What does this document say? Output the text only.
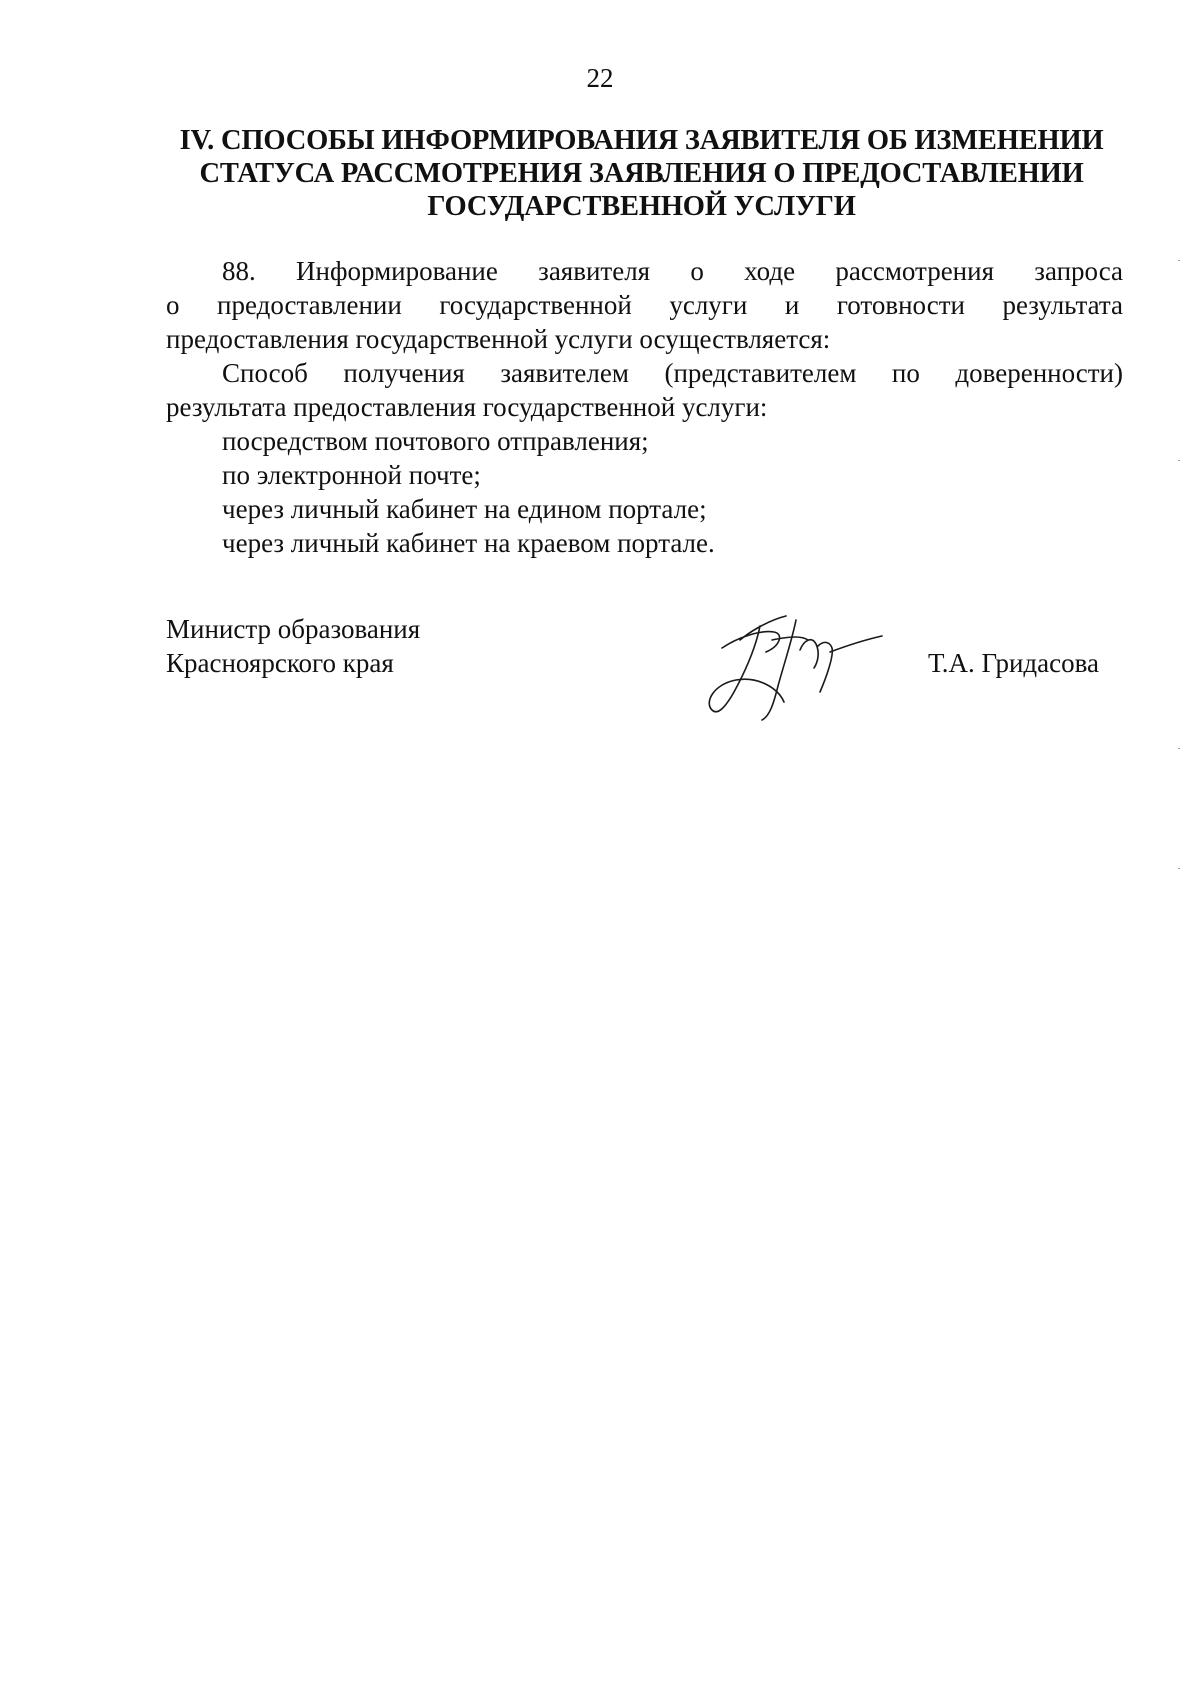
22
IV. СПОСОБЫ ИНФОРМИРОВАНИЯ ЗАЯВИТЕЛЯ ОБ ИЗМЕНЕНИИ
СТАТУСА РАССМОТРЕНИЯ ЗАЯВЛЕНИЯ О ПРЕДОСТАВЛЕНИИ
ГОСУДАРСТВЕННОЙ УСЛУГИ
88. Информирование заявителя о ходе рассмотрения запроса
о предоставлении государственной услуги и готовности результата
предоставления государственной услуги осуществляется:
Способ получения заявителем (представителем по доверенности)
результата предоставления государственной услуги:
посредством почтового отправления;
по электронной почте;
через личный кабинет на едином портале;
через личный кабинет на краевом портале.
Министр образования
Красноярского края	Т.А. Гридасова
